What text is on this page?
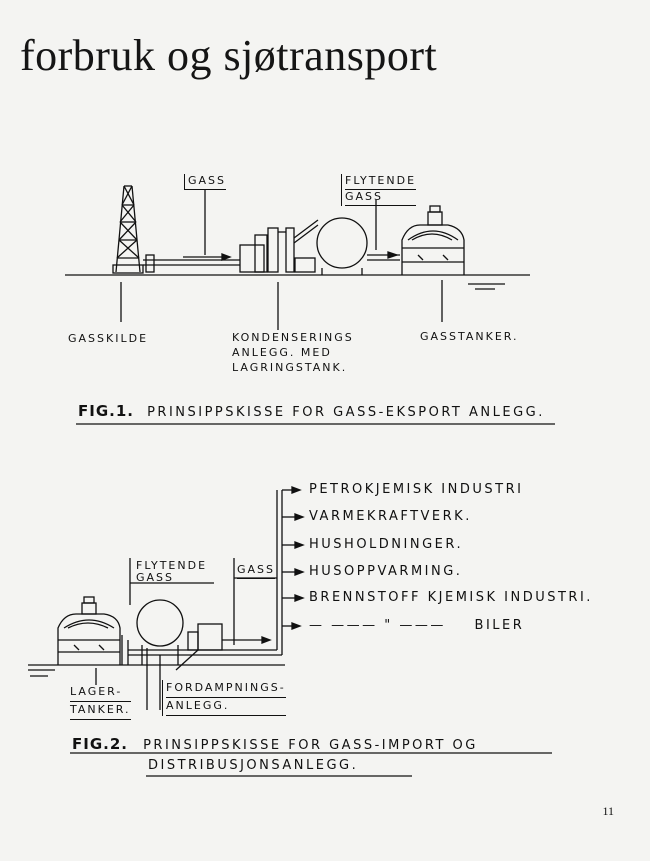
forbruk og sjøtransport
GASS	FLYTENDE
GASS
GASSKILDE	KONDENSERINGS
ANLEGG. MED
LAGRINGSTANK.
GASSTANKER.
FIG.1. PRINSIPPSKISSE FOR GASS-EKSPORT ANLEGG.
PETROKJEMISK INDUSTRI
VARMEKRAFTVERK.
HUSHOLDNINGER.
HUSOPPVARMING.
BRENNSTOFF KJEMISK INDUSTRI.
— ——— " ——— BILER
FLYTENDE
GASS
GASS
LAGER-
TANKER.
FORDAMPNINGS-
ANLEGG.
FIG.2. PRINSIPPSKISSE FOR GASS-IMPORT OG
DISTRIBUSJONSANLEGG.
11
